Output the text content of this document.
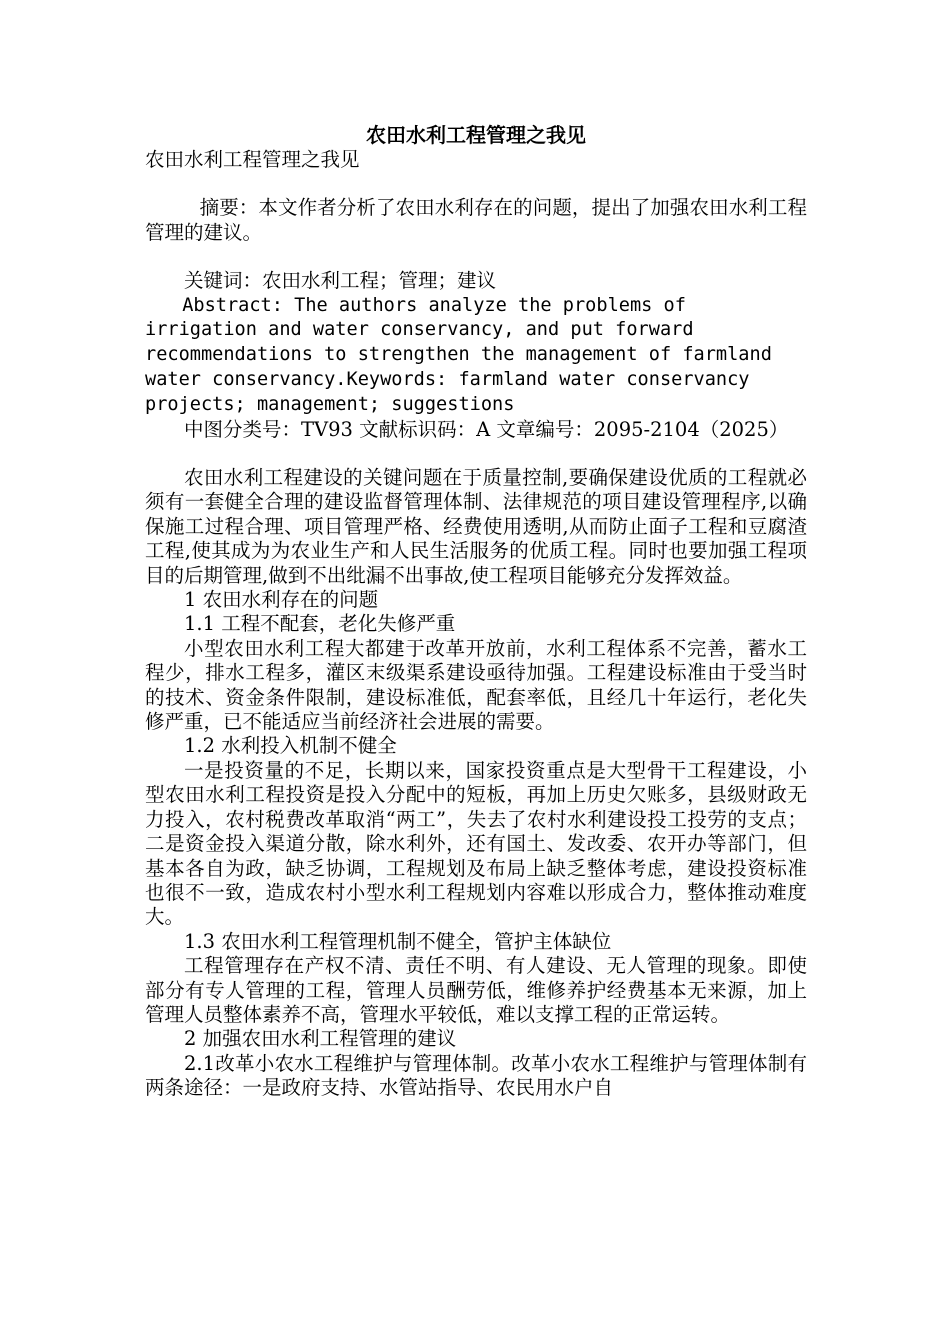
农田水利工程管理之我见

农田水利工程管理之我见

摘要：本文作者分析了农田水利存在的问题，提出了加强农田水利工程管理的建议。

关键词：农田水利工程；管理；建议

Abstract: The authors analyze the problems of irrigation and water conservancy, and put forward recommendations to strengthen the management of farmland water conservancy.Keywords: farmland water conservancy projects; management; suggestions

中图分类号：TV93 文献标识码：A 文章编号：2095-2104（2025）

农田水利工程建设的关键问题在于质量控制,要确保建设优质的工程就必须有一套健全合理的建设监督管理体制、法律规范的项目建设管理程序,以确保施工过程合理、项目管理严格、经费使用透明,从而防止面子工程和豆腐渣工程,使其成为为农业生产和人民生活服务的优质工程。同时也要加强工程项目的后期管理,做到不出纰漏不出事故,使工程项目能够充分发挥效益。

1 农田水利存在的问题

1.1 工程不配套，老化失修严重

小型农田水利工程大都建于改革开放前，水利工程体系不完善，蓄水工程少，排水工程多，灌区末级渠系建设亟待加强。工程建设标准由于受当时的技术、资金条件限制，建设标准低，配套率低，且经几十年运行，老化失修严重，已不能适应当前经济社会进展的需要。

1.2 水利投入机制不健全

一是投资量的不足，长期以来，国家投资重点是大型骨干工程建设，小型农田水利工程投资是投入分配中的短板，再加上历史欠账多，县级财政无力投入，农村税费改革取消“两工”，失去了农村水利建设投工投劳的支点；二是资金投入渠道分散，除水利外，还有国土、发改委、农开办等部门，但基本各自为政，缺乏协调，工程规划及布局上缺乏整体考虑，建设投资标准也很不一致，造成农村小型水利工程规划内容难以形成合力，整体推动难度大。

1.3 农田水利工程管理机制不健全，管护主体缺位

工程管理存在产权不清、责任不明、有人建设、无人管理的现象。即使部分有专人管理的工程，管理人员酬劳低，维修养护经费基本无来源，加上管理人员整体素养不高，管理水平较低，难以支撑工程的正常运转。

2 加强农田水利工程管理的建议

2.1改革小农水工程维护与管理体制。改革小农水工程维护与管理体制有两条途径：一是政府支持、水管站指导、农民用水户自
